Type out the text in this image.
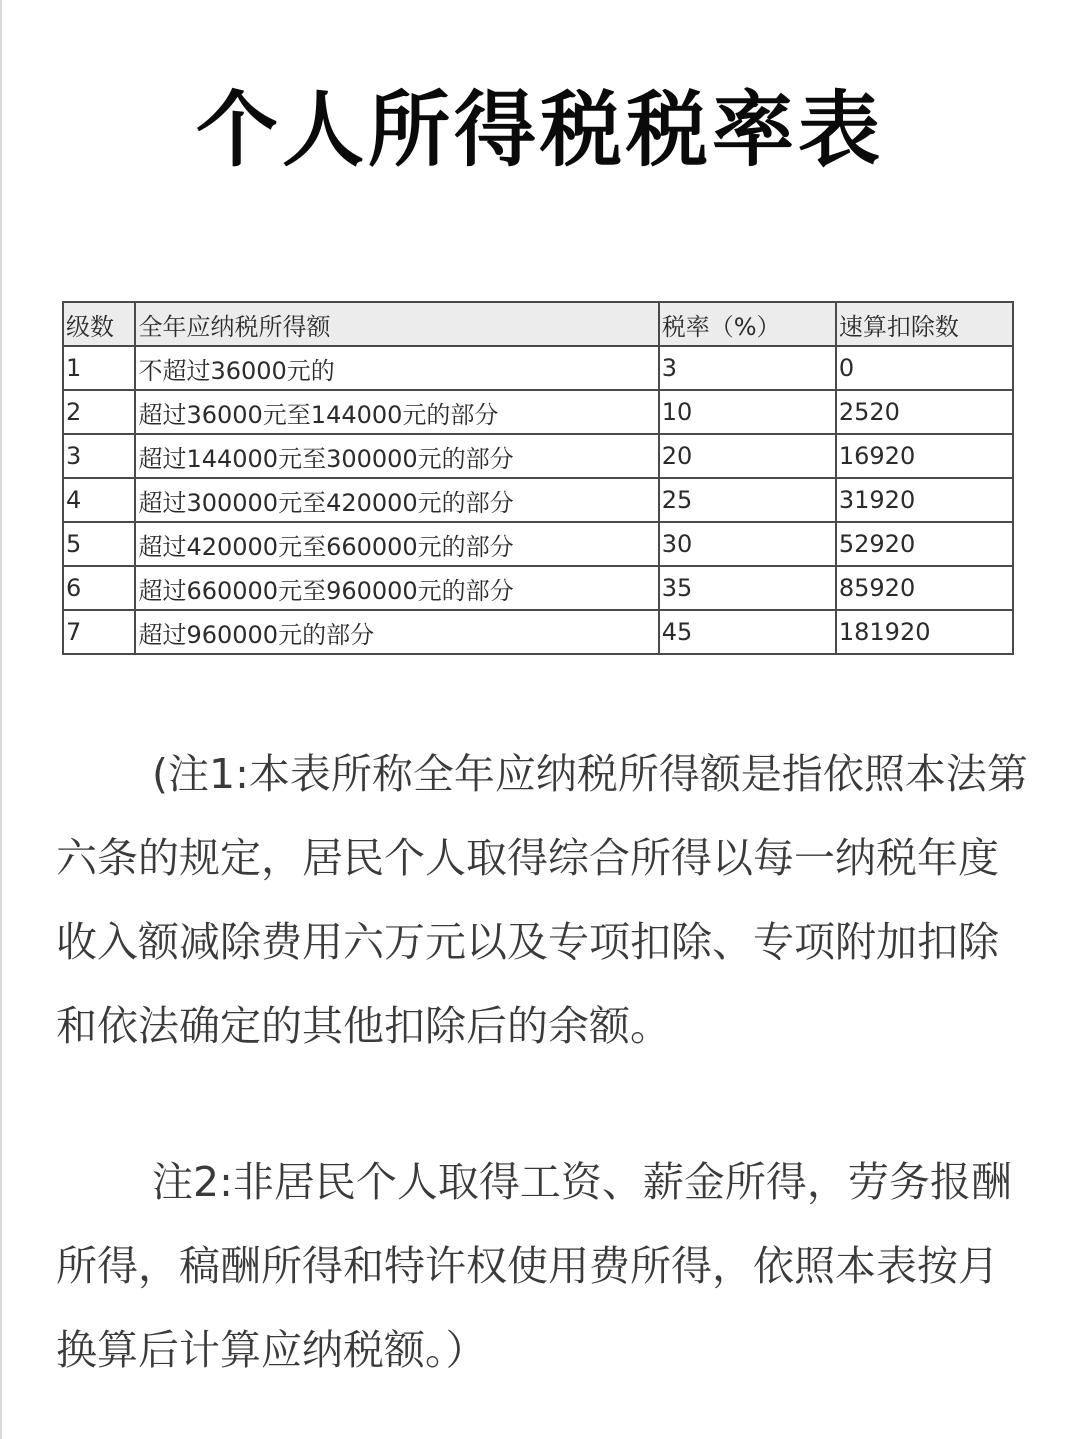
个人所得税税率表
级数	全年应纳税所得额	税率（%）	速算扣除数
1	不超过36000元的	3	0
2	超过36000元至144000元的部分	10	2520
3	超过144000元至300000元的部分	20	16920
4	超过300000元至420000元的部分	25	31920
5	超过420000元至660000元的部分	30	52920
6	超过660000元至960000元的部分	35	85920
7	超过960000元的部分	45	181920

(注1:本表所称全年应纳税所得额是指依照本法第六条的规定，居民个人取得综合所得以每一纳税年度收入额减除费用六万元以及专项扣除、专项附加扣除和依法确定的其他扣除后的余额。

注2:非居民个人取得工资、薪金所得，劳务报酬所得，稿酬所得和特许权使用费所得，依照本表按月换算后计算应纳税额。）
